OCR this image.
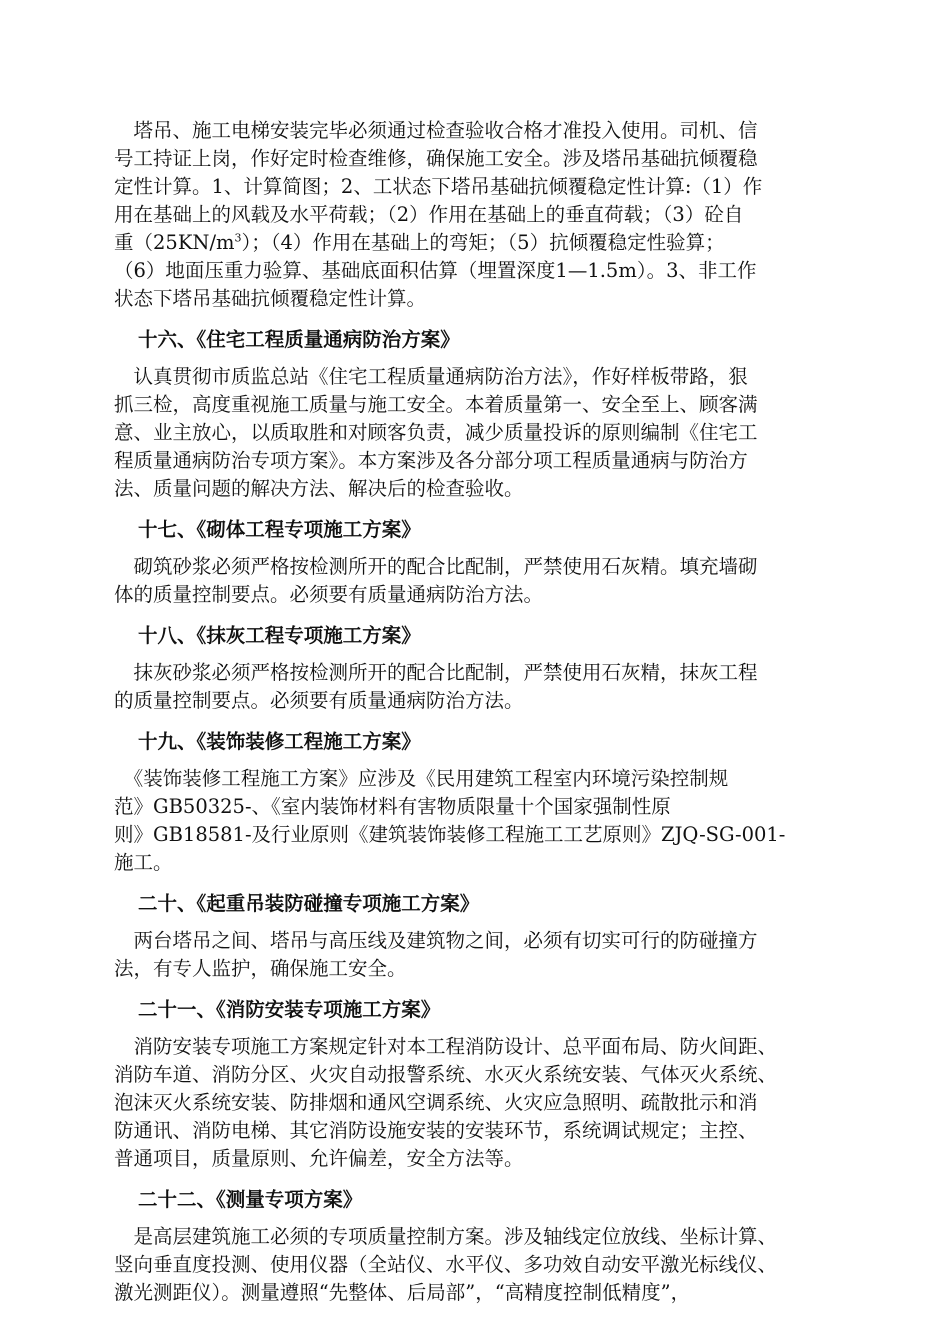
　塔吊、施工电梯安装完毕必须通过检查验收合格才准投入使用。司机、信
号工持证上岗，作好定时检查维修，确保施工安全。涉及塔吊基础抗倾覆稳
定性计算。1、计算简图；2、工状态下塔吊基础抗倾覆稳定性计算:（1）作
用在基础上的风载及水平荷载；（2）作用在基础上的垂直荷载；（3）砼自
重$(25KN/m^3)$；（4）作用在基础上的弯矩；（5）抗倾覆稳定性验算；
（6）地面压重力验算、基础底面积估算（埋置深度1—1.5m）。3、非工作
状态下塔吊基础抗倾覆稳定性计算。
十六、《住宅工程质量通病防治方案》
　认真贯彻市质监总站《住宅工程质量通病防治方法》，作好样板带路，狠
抓三检，高度重视施工质量与施工安全。本着质量第一、安全至上、顾客满
意、业主放心，以质取胜和对顾客负责，减少质量投诉的原则编制《住宅工
程质量通病防治专项方案》。本方案涉及各分部分项工程质量通病与防治方
法、质量问题的解决方法、解决后的检查验收。
十七、《砌体工程专项施工方案》
　砌筑砂浆必须严格按检测所开的配合比配制，严禁使用石灰精。填充墙砌
体的质量控制要点。必须要有质量通病防治方法。
十八、《抹灰工程专项施工方案》
　抹灰砂浆必须严格按检测所开的配合比配制，严禁使用石灰精，抹灰工程
的质量控制要点。必须要有质量通病防治方法。
十九、《装饰装修工程施工方案》
　《装饰装修工程施工方案》应涉及《民用建筑工程室内环境污染控制规
范》GB50325-、《室内装饰材料有害物质限量十个国家强制性原
则》GB18581-及行业原则《建筑装饰装修工程施工工艺原则》ZJQ-SG-001-
施工。
二十、《起重吊装防碰撞专项施工方案》
　两台塔吊之间、塔吊与高压线及建筑物之间，必须有切实可行的防碰撞方
法，有专人监护，确保施工安全。
二十一、《消防安装专项施工方案》
　消防安装专项施工方案规定针对本工程消防设计、总平面布局、防火间距、
消防车道、消防分区、火灾自动报警系统、水灭火系统安装、气体灭火系统、
泡沫灭火系统安装、防排烟和通风空调系统、火灾应急照明、疏散批示和消
防通讯、消防电梯、其它消防设施安装的安装环节，系统调试规定；主控、
普通项目，质量原则、允许偏差，安全方法等。
二十二、《测量专项方案》
　是高层建筑施工必须的专项质量控制方案。涉及轴线定位放线、坐标计算、
竖向垂直度投测、使用仪器（全站仪、水平仪、多功效自动安平激光标线仪、
激光测距仪）。测量遵照“先整体、后局部”，“高精度控制低精度”，
